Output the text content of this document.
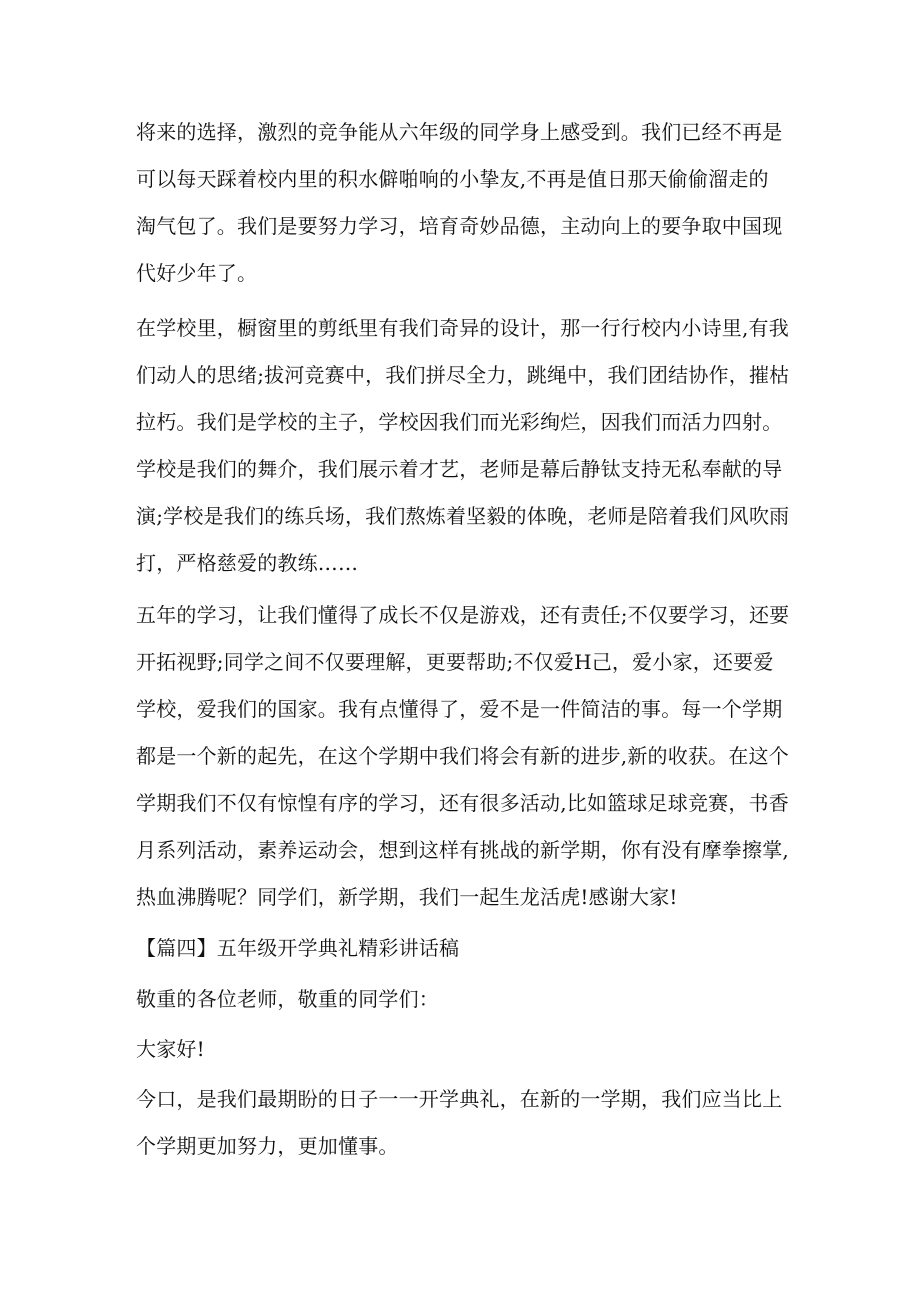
将来的选择，激烈的竞争能从六年级的同学身上感受到。我们已经不再是
可以每天踩着校内里的积水僻啪响的小挚友,不再是值日那天偷偷溜走的
淘气包了。我们是要努力学习，培育奇妙品德，主动向上的要争取中国现
代好少年了。
在学校里，橱窗里的剪纸里有我们奇异的设计，那一行行校内小诗里,有我
们动人的思绪;拔河竞赛中，我们拼尽全力，跳绳中，我们团结协作，摧枯
拉朽。我们是学校的主子，学校因我们而光彩绚烂，因我们而活力四射。
学校是我们的舞介，我们展示着才艺，老师是幕后静钛支持无私奉献的导
演;学校是我们的练兵场，我们熬炼着坚毅的体晚，老师是陪着我们风吹雨
打，严格慈爱的教练……
五年的学习，让我们懂得了成长不仅是游戏，还有责任;不仅要学习，还要
开拓视野;同学之间不仅要理解，更要帮助;不仅爱H己，爱小家，还要爱
学校，爱我们的国家。我有点懂得了，爱不是一件简洁的事。每一个学期
都是一个新的起先，在这个学期中我们将会有新的进步,新的收获。在这个
学期我们不仅有惊惶有序的学习，还有很多活动,比如篮球足球竞赛，书香
月系列活动，素养运动会，想到这样有挑战的新学期，你有没有摩拳擦掌,
热血沸腾呢？同学们，新学期，我们一起生龙活虎!感谢大家!
【篇四】五年级开学典礼精彩讲话稿
敬重的各位老师，敬重的同学们：
大家好!
今口，是我们最期盼的日子一一开学典礼，在新的一学期，我们应当比上
个学期更加努力，更加懂事。
